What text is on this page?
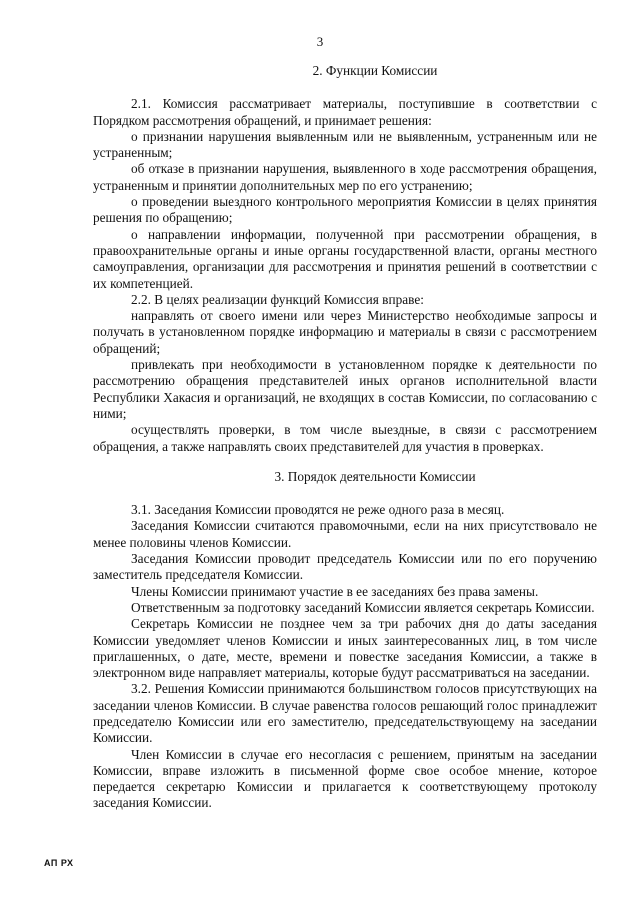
3
2. Функции Комиссии

2.1. Комиссия рассматривает материалы, поступившие в соответствии с Порядком рассмотрения обращений, и принимает решения:

о признании нарушения выявленным или не выявленным, устраненным или не устраненным;

об отказе в признании нарушения, выявленного в ходе рассмотрения обращения, устраненным и принятии дополнительных мер по его устранению;

о проведении выездного контрольного мероприятия Комиссии в целях принятия решения по обращению;

о направлении информации, полученной при рассмотрении обращения, в правоохранительные органы и иные органы государственной власти, органы местного самоуправления, организации для рассмотрения и принятия решений в соответствии с их компетенцией.

2.2. В целях реализации функций Комиссия вправе:

направлять от своего имени или через Министерство необходимые запросы и получать в установленном порядке информацию и материалы в связи с рассмотрением обращений;

привлекать при необходимости в установленном порядке к деятельности по рассмотрению обращения представителей иных органов исполнительной власти Республики Хакасия и организаций, не входящих в состав Комиссии, по согласованию с ними;

осуществлять проверки, в том числе выездные, в связи с рассмотрением обращения, а также направлять своих представителей для участия в проверках.

3. Порядок деятельности Комиссии

3.1. Заседания Комиссии проводятся не реже одного раза в месяц.

Заседания Комиссии считаются правомочными, если на них присутствовало не менее половины членов Комиссии.

Заседания Комиссии проводит председатель Комиссии или по его поручению заместитель председателя Комиссии.

Члены Комиссии принимают участие в ее заседаниях без права замены.

Ответственным за подготовку заседаний Комиссии является секретарь Комиссии.

Секретарь Комиссии не позднее чем за три рабочих дня до даты заседания Комиссии уведомляет членов Комиссии и иных заинтересованных лиц, в том числе приглашенных, о дате, месте, времени и повестке заседания Комиссии, а также в электронном виде направляет материалы, которые будут рассматриваться на заседании.

3.2. Решения Комиссии принимаются большинством голосов присутствующих на заседании членов Комиссии. В случае равенства голосов решающий голос принадлежит председателю Комиссии или его заместителю, председательствующему на заседании Комиссии.

Член Комиссии в случае его несогласия с решением, принятым на заседании Комиссии, вправе изложить в письменной форме свое особое мнение, которое передается секретарю Комиссии и прилагается к соответствующему протоколу заседания Комиссии.

АП РХ
